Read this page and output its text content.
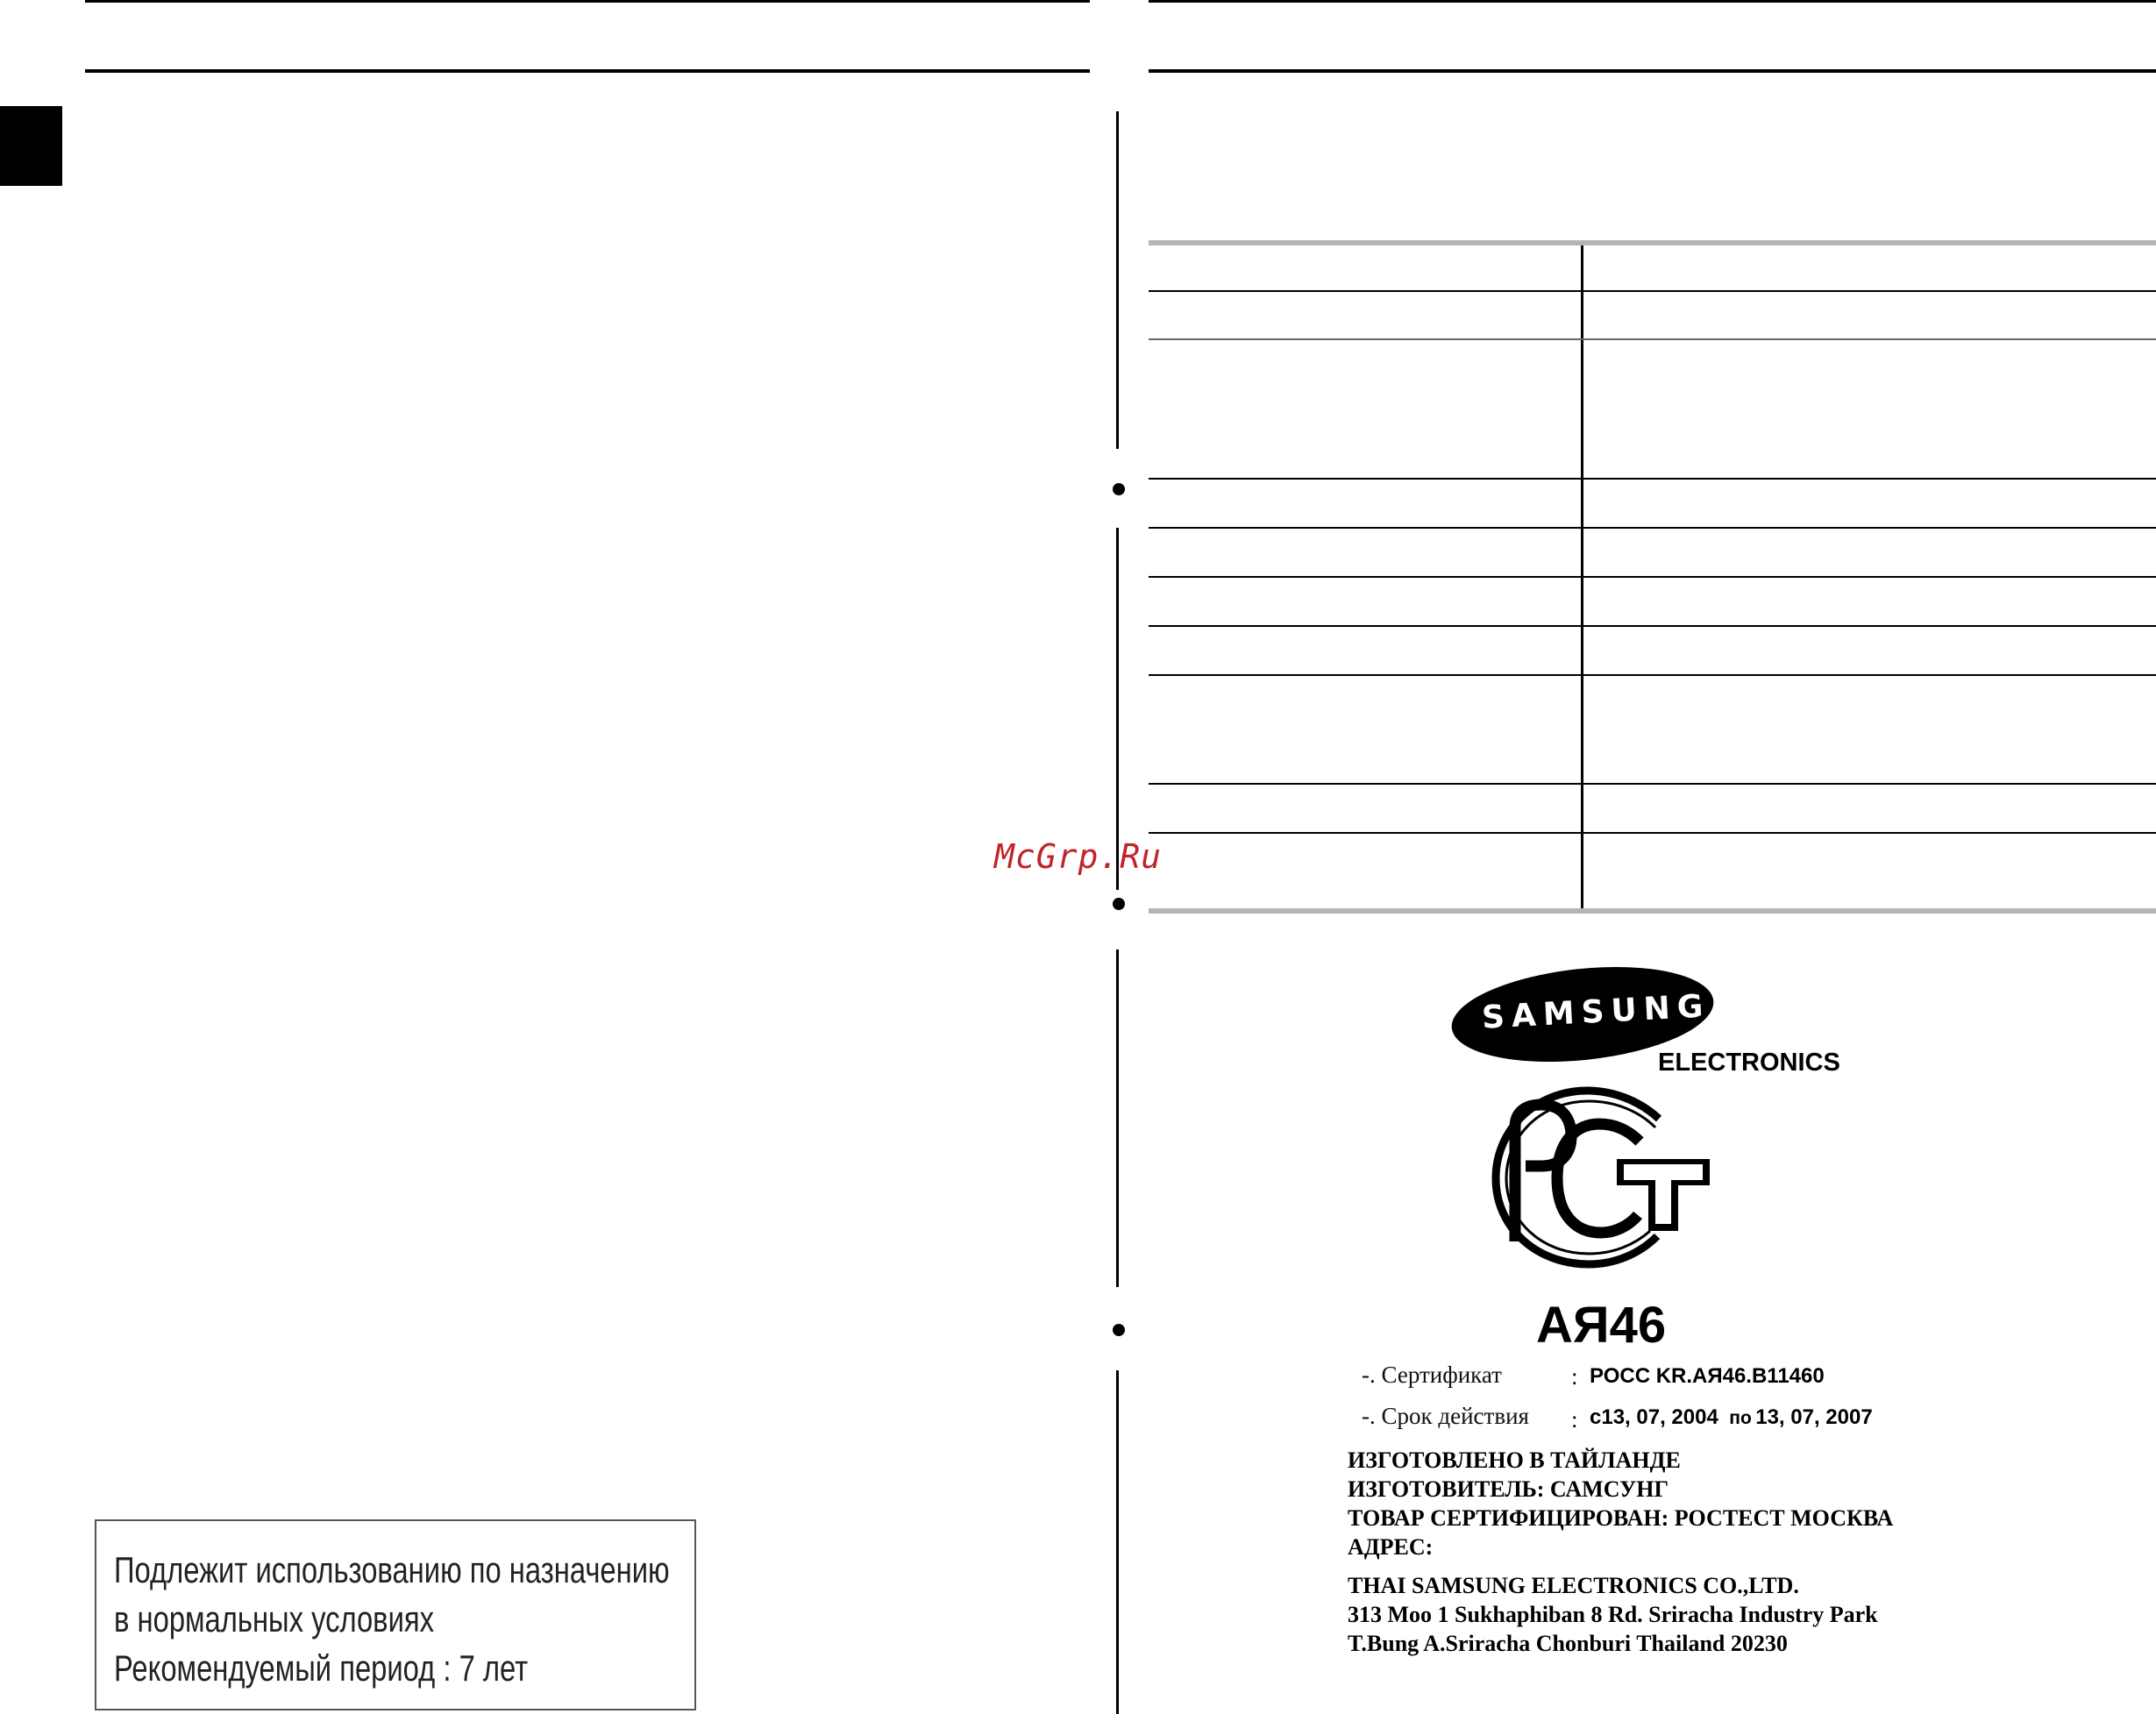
McGrp.Ru
Подлежит использованию по назначению
в нормальных условиях
Рекомендуемый период : 7 лет
SAMSUNG
ELECTRONICS
АЯ46
-. Сертификат	: РОСС KR.АЯ46.В11460
-. Срок действия : с13, 07, 2004 по 13, 07, 2007
ИЗГОТОВЛЕНО В ТАЙЛАНДЕ
ИЗГОТОВИТЕЛЬ: САМСУНГ
ТОВАР СЕРТИФИЦИРОВАН: РОСТЕСТ МОСКВА
АДРЕС:
THAI SAMSUNG ELECTRONICS CO.,LTD.
313 Moo 1 Sukhaphiban 8 Rd. Sriracha Industry Park
T.Bung A.Sriracha Chonburi Thailand 20230
